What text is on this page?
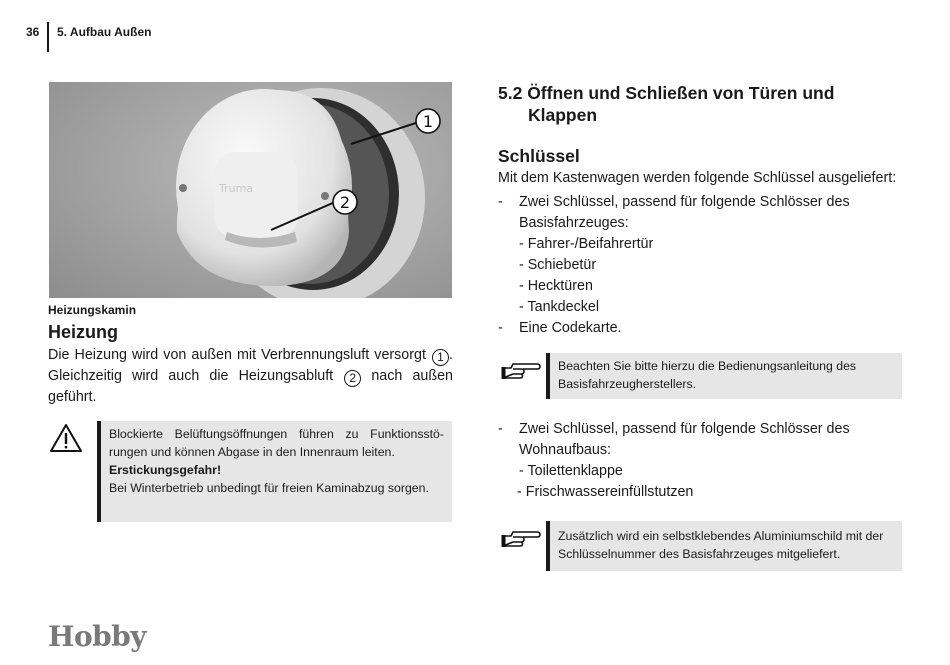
36 5. Aufbau Außen
Truma
1
2
Heizungskamin
Heizung
Die Heizung wird von außen mit Verbrennungsluft versorgt 1 . Gleichzeitig wird auch die Heizungsabluft 2 nach außen geführt.
Blockierte Belüftungsöffnungen führen zu Funktionsstö-rungen und können Abgase in den Innenraum leiten.
Erstickungsgefahr!
Bei Winterbetrieb unbedingt für freien Kaminabzug sorgen.
5.2 Öffnen und Schließen von Türen und
Klappen
Schlüssel
Mit dem Kastenwagen werden folgende Schlüssel ausgeliefert:
- Zwei Schlüssel, passend für folgende Schlösser des
Basisfahrzeuges:
- Fahrer-/Beifahrertür
- Schiebetür
- Hecktüren
- Tankdeckel
- Eine Codekarte.
Beachten Sie bitte hierzu die Bedienungsanleitung des Basisfahrzeugherstellers.
- Zwei Schlüssel, passend für folgende Schlösser des
Wohnaufbaus:
- Toilettenklappe
- Frischwassereinfüllstutzen
Zusätzlich wird ein selbstklebendes Aluminiumschild mit der Schlüsselnummer des Basisfahrzeuges mitgeliefert.
Hobby
